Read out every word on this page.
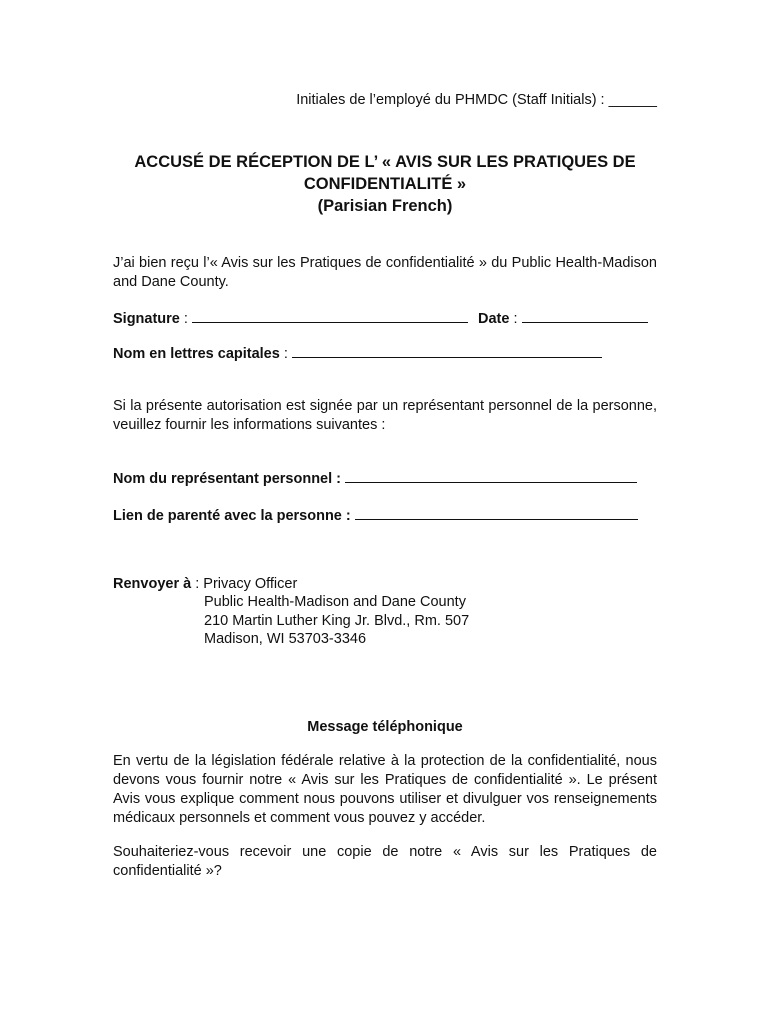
Initiales de l’employé du PHMDC (Staff Initials) : ______
ACCUSÉ DE RÉCEPTION DE L’ « AVIS SUR LES PRATIQUES DE
CONFIDENTIALITÉ »
(Parisian French)
J’ai bien reçu l’« Avis sur les Pratiques de confidentialité » du Public Health-Madison and Dane County.
Signature :	Date :
Nom en lettres capitales :
Si la présente autorisation est signée par un représentant personnel de la personne, veuillez fournir les informations suivantes :
Nom du représentant personnel :
Lien de parenté avec la personne :
Renvoyer à : Privacy Officer
Public Health-Madison and Dane County
210 Martin Luther King Jr. Blvd., Rm. 507
Madison, WI 53703-3346
Message téléphonique
En vertu de la législation fédérale relative à la protection de la confidentialité, nous devons vous fournir notre « Avis sur les Pratiques de confidentialité ». Le présent Avis vous explique comment nous pouvons utiliser et divulguer vos renseignements médicaux personnels et comment vous pouvez y accéder.
Souhaiteriez-vous recevoir une copie de notre « Avis sur les Pratiques de confidentialité »?
